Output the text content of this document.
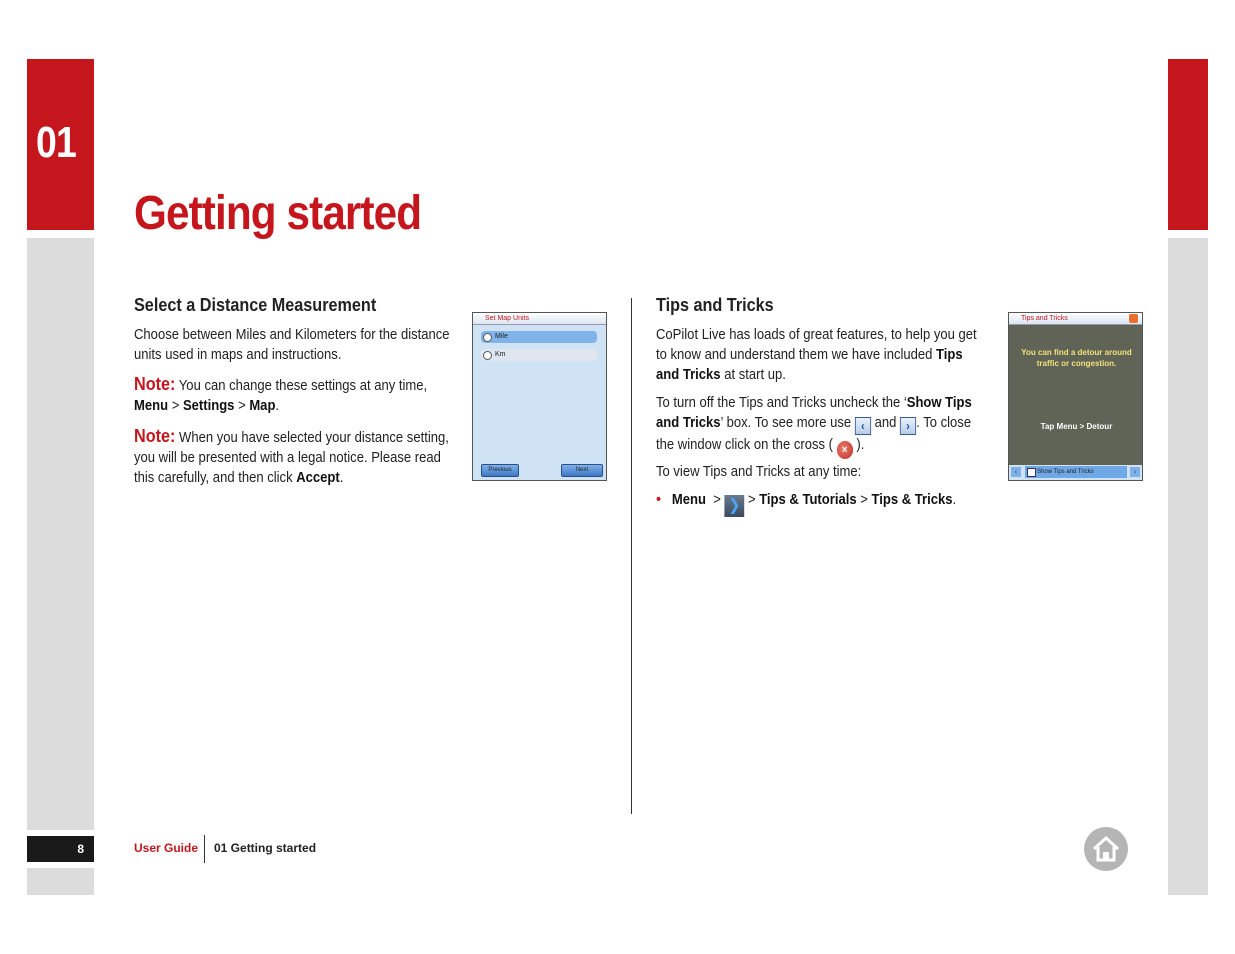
01
8
Getting started
Select a Distance Measurement

Choose between Miles and Kilometers for the distance units used in maps and instructions.

Note: You can change these settings at any time,
Menu > Settings > Map.

Note: When you have selected your distance setting, you will be presented with a legal notice. Please read this carefully, and then click Accept.

Set Map Units
Mile
Km
Previous	Next
Tips and Tricks

CoPilot Live has loads of great features, to help you get to know and understand them we have included Tips and Tricks at start up.

To turn off the Tips and Tricks uncheck the ‘Show Tips and Tricks’ box. To see more use ‹ and › . To close the window click on the cross ( × ).

To view Tips and Tricks at any time:

• Menu > ❯ > Tips & Tutorials > Tips & Tricks.

Tips and Tricks
You can find a detour around traffic or congestion.
Tap Menu > Detour
‹	Show Tips and Tricks	›
User Guide 01 Getting started
